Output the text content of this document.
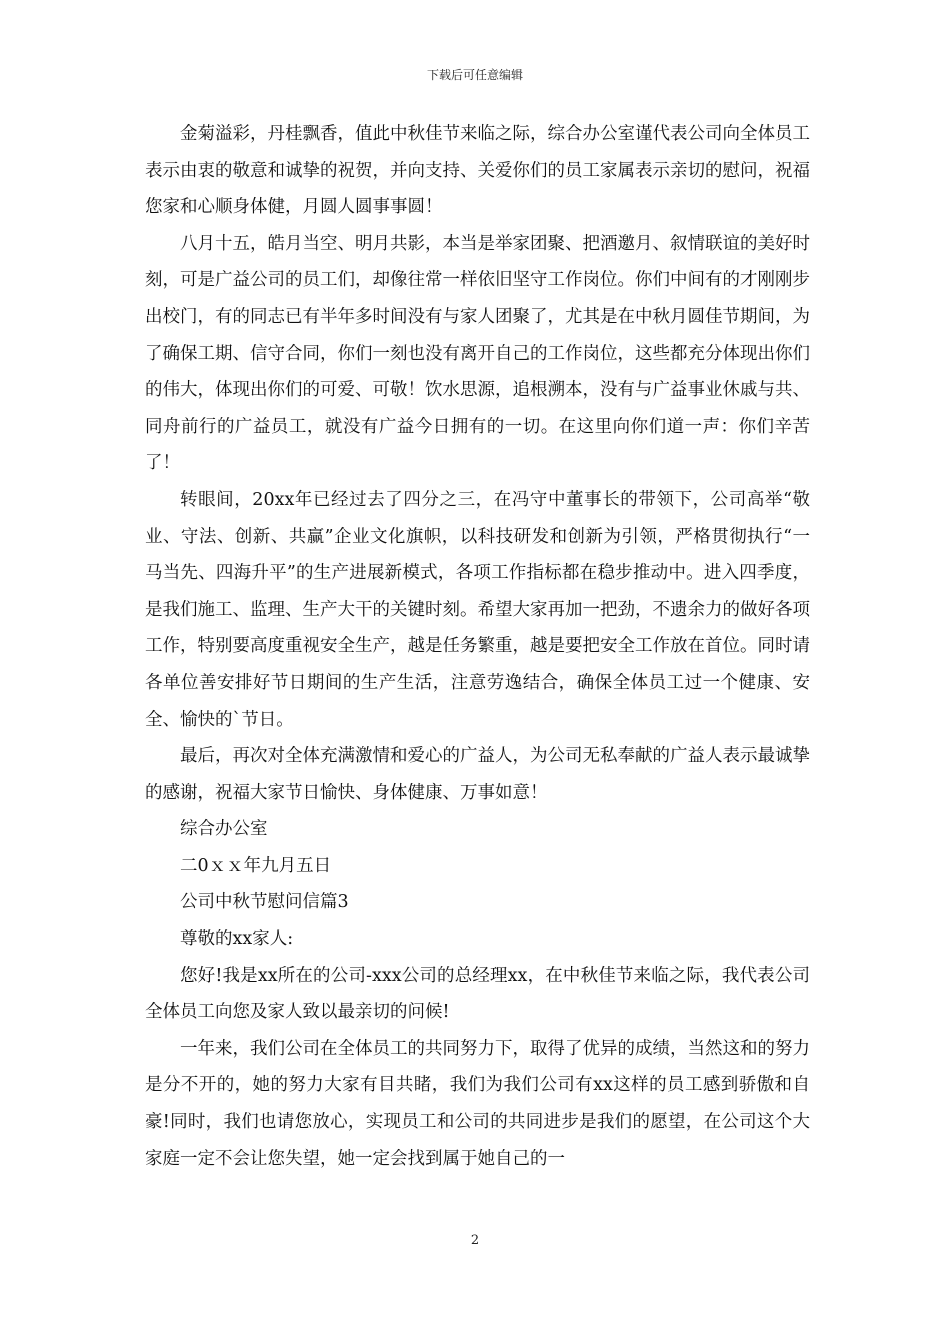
下载后可任意编辑

金菊溢彩，丹桂飘香，值此中秋佳节来临之际，综合办公室谨代表公司向全体员工表示由衷的敬意和诚挚的祝贺，并向支持、关爱你们的员工家属表示亲切的慰问，祝福您家和心顺身体健，月圆人圆事事圆！

八月十五，皓月当空、明月共影，本当是举家团聚、把酒邀月、叙情联谊的美好时刻，可是广益公司的员工们，却像往常一样依旧坚守工作岗位。你们中间有的才刚刚步出校门，有的同志已有半年多时间没有与家人团聚了，尤其是在中秋月圆佳节期间，为了确保工期、信守合同，你们一刻也没有离开自己的工作岗位，这些都充分体现出你们的伟大，体现出你们的可爱、可敬！饮水思源，追根溯本，没有与广益事业休戚与共、同舟前行的广益员工，就没有广益今日拥有的一切。在这里向你们道一声：你们辛苦了！

转眼间，20xx年已经过去了四分之三，在冯守中董事长的带领下，公司高举“敬业、守法、创新、共赢”企业文化旗帜，以科技研发和创新为引领，严格贯彻执行“一马当先、四海升平”的生产进展新模式，各项工作指标都在稳步推动中。进入四季度，是我们施工、监理、生产大干的关键时刻。希望大家再加一把劲，不遗余力的做好各项工作，特别要高度重视安全生产，越是任务繁重，越是要把安全工作放在首位。同时请各单位善安排好节日期间的生产生活，注意劳逸结合，确保全体员工过一个健康、安全、愉快的`节日。

最后，再次对全体充满激情和爱心的广益人，为公司无私奉献的广益人表示最诚挚的感谢，祝福大家节日愉快、身体健康、万事如意！

综合办公室

二0ｘｘ年九月五日

公司中秋节慰问信篇3

尊敬的xx家人:

您好!我是xx所在的公司-xxx公司的总经理xx，在中秋佳节来临之际，我代表公司全体员工向您及家人致以最亲切的问候!

一年来，我们公司在全体员工的共同努力下，取得了优异的成绩，当然这和的努力是分不开的，她的努力大家有目共睹，我们为我们公司有xx这样的员工感到骄傲和自豪!同时，我们也请您放心，实现员工和公司的共同进步是我们的愿望，在公司这个大家庭一定不会让您失望，她一定会找到属于她自己的一

2
